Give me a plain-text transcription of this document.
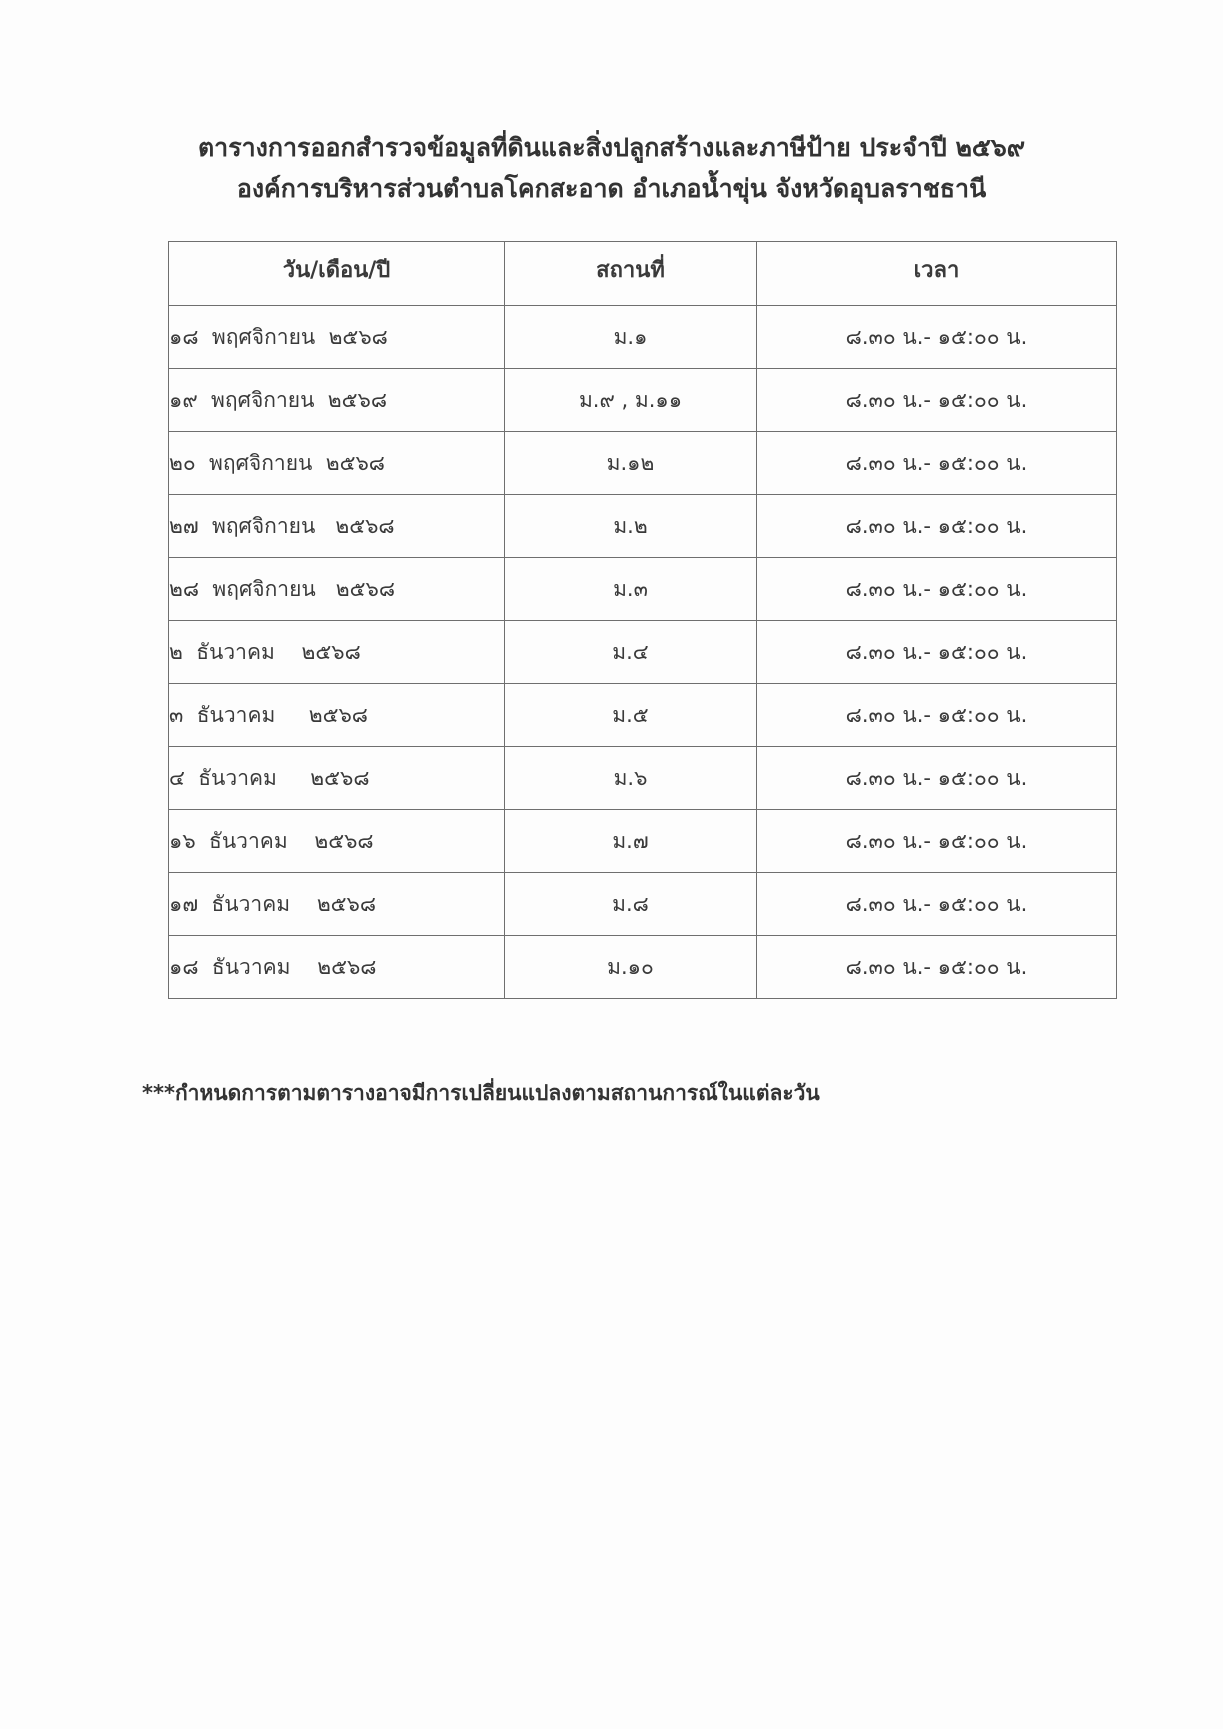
ตารางการออกสำรวจข้อมูลที่ดินและสิ่งปลูกสร้างและภาษีป้าย ประจำปี ๒๕๖๙
องค์การบริหารส่วนตำบลโคกสะอาด อำเภอน้ำขุ่น จังหวัดอุบลราชธานี
วัน/เดือน/ปี	สถานที่	เวลา
๑๘  พฤศจิกายน  ๒๕๖๘	ม.๑	๘.๓๐ น.- ๑๕:๐๐ น.
๑๙  พฤศจิกายน  ๒๕๖๘	ม.๙ , ม.๑๑	๘.๓๐ น.- ๑๕:๐๐ น.
๒๐  พฤศจิกายน  ๒๕๖๘	ม.๑๒	๘.๓๐ น.- ๑๕:๐๐ น.
๒๗  พฤศจิกายน   ๒๕๖๘	ม.๒	๘.๓๐ น.- ๑๕:๐๐ น.
๒๘  พฤศจิกายน   ๒๕๖๘	ม.๓	๘.๓๐ น.- ๑๕:๐๐ น.
๒  ธันวาคม    ๒๕๖๘	ม.๔	๘.๓๐ น.- ๑๕:๐๐ น.
๓  ธันวาคม     ๒๕๖๘	ม.๕	๘.๓๐ น.- ๑๕:๐๐ น.
๔  ธันวาคม     ๒๕๖๘	ม.๖	๘.๓๐ น.- ๑๕:๐๐ น.
๑๖  ธันวาคม    ๒๕๖๘	ม.๗	๘.๓๐ น.- ๑๕:๐๐ น.
๑๗  ธันวาคม    ๒๕๖๘	ม.๘	๘.๓๐ น.- ๑๕:๐๐ น.
๑๘  ธันวาคม    ๒๕๖๘	ม.๑๐	๘.๓๐ น.- ๑๕:๐๐ น.
***กำหนดการตามตารางอาจมีการเปลี่ยนแปลงตามสถานการณ์ในแต่ละวัน
